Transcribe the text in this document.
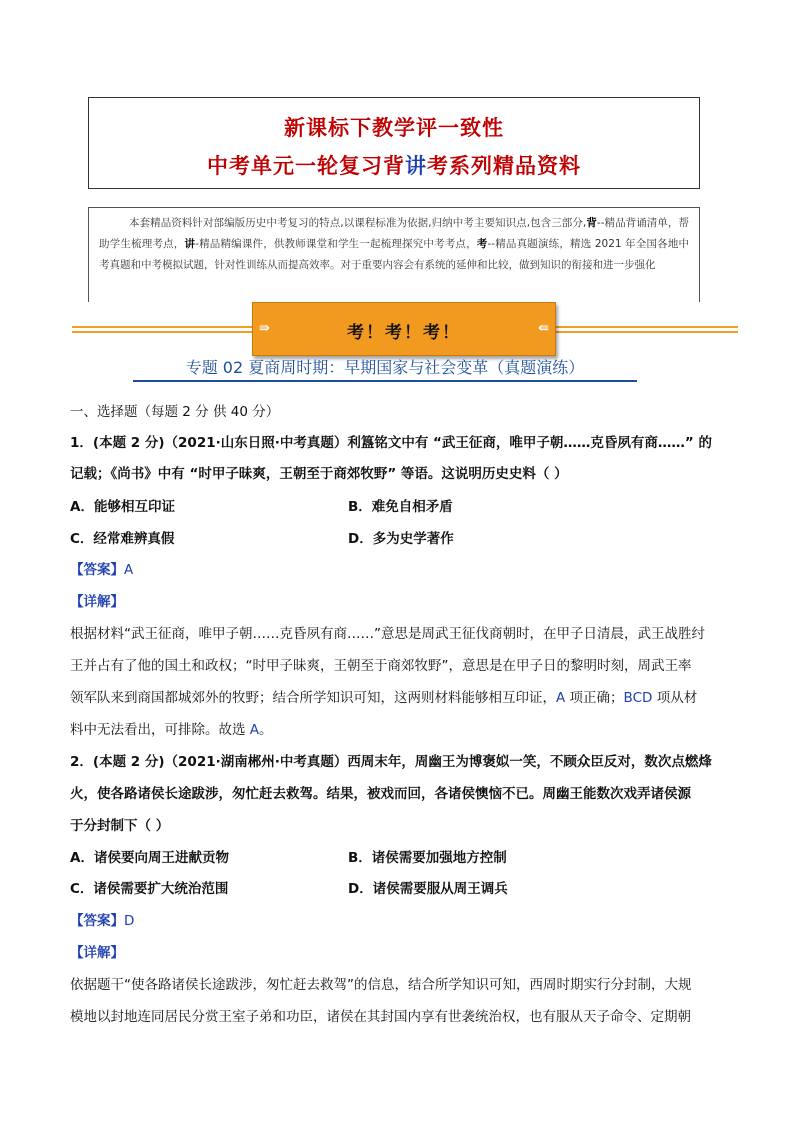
新课标下教学评一致性
中考单元一轮复习背讲考系列精品资料
本套精品资料针对部编版历史中考复习的特点,以课程标准为依据,归纳中考主要知识点,包含三部分,背--精品背诵清单，帮助学生梳理考点，讲-精品精编课件，供教师课堂和学生一起梳理探究中考考点，考--精品真题演练，精选 2021 年全国各地中考真题和中考模拟试题，针对性训练从而提高效率。对于重要内容会有系统的延伸和比较，做到知识的衔接和进一步强化
⇛	考！考！考！	⇚
专题 02 夏商周时期：早期国家与社会变革（真题演练）
一、选择题（每题 2 分 供 40 分）
1．(本题 2 分)（2021·山东日照·中考真题）利簋铭文中有 “武王征商，唯甲子朝……克昏夙有商……” 的
记载；《尚书》中有 “时甲子昧爽，王朝至于商郊牧野” 等语。这说明历史史料（ ）
A．能够相互印证	B．难免自相矛盾
C．经常难辨真假	D．多为史学著作
【答案】A
【详解】
根据材料“武王征商，唯甲子朝……克昏夙有商……”意思是周武王征伐商朝时，在甲子日清晨，武王战胜纣
王并占有了他的国土和政权；“时甲子昧爽，王朝至于商郊牧野”，意思是在甲子日的黎明时刻，周武王率
领军队来到商国都城郊外的牧野；结合所学知识可知，这两则材料能够相互印证，A 项正确；BCD 项从材
料中无法看出，可排除。故选 A。
2．(本题 2 分)（2021·湖南郴州·中考真题）西周末年，周幽王为博褒姒一笑，不顾众臣反对，数次点燃烽
火，使各路诸侯长途跋涉，匆忙赶去救驾。结果，被戏而回，各诸侯懊恼不已。周幽王能数次戏弄诸侯源
于分封制下（ ）
A．诸侯要向周王进献贡物	B．诸侯需要加强地方控制
C．诸侯需要扩大统治范围	D．诸侯需要服从周王调兵
【答案】D
【详解】
依据题干“使各路诸侯长途跋涉，匆忙赶去救驾”的信息，结合所学知识可知，西周时期实行分封制，大规
模地以封地连同居民分赏王室子弟和功臣，诸侯在其封国内享有世袭统治权，也有服从天子命令、定期朝
